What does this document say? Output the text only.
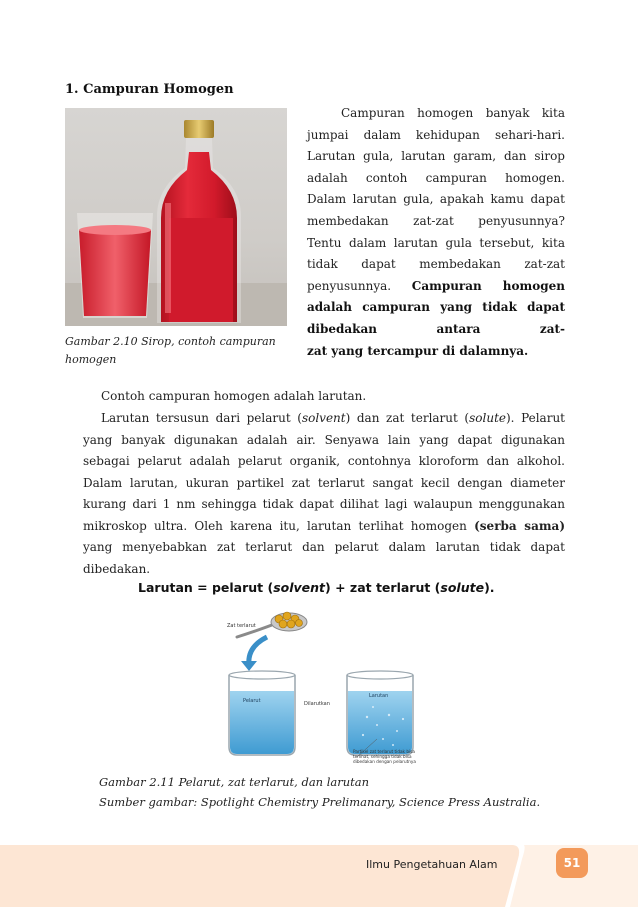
1. Campuran Homogen
Gambar 2.10 Sirop, contoh campuran
homogen
Campuran homogen banyak kita
jumpai dalam kehidupan sehari-hari.
Larutan gula, larutan garam, dan sirop
adalah contoh campuran homogen.
Dalam larutan gula, apakah kamu dapat
membedakan zat-zat penyusunnya?
Tentu dalam larutan gula tersebut, kita
tidak dapat membedakan zat-zat
penyusunnya. Campuran homogen
adalah campuran yang tidak dapat
dibedakan antara zat-
zat yang tercampur di dalamnya.
Contoh campuran homogen adalah larutan.
Larutan tersusun dari pelarut (solvent) dan zat terlarut (solute). Pelarut yang banyak digunakan adalah air. Senyawa lain yang dapat digunakan sebagai pelarut adalah pelarut organik, contohnya kloroform dan alkohol. Dalam larutan, ukuran partikel zat terlarut sangat kecil dengan diameter kurang dari 1 nm sehingga tidak dapat dilihat lagi walaupun menggunakan mikroskop ultra. Oleh karena itu, larutan terlihat homogen (serba sama) yang menyebabkan zat terlarut dan pelarut dalam larutan tidak dapat dibedakan.
Larutan = pelarut (solvent) + zat terlarut (solute).
Zat terlarut
Pelarut	Dilarutkan
Larutan
Partikel zat terlarut tidak bisa terlihat, sehingga tidak bisa dibedakan dengan pelarutnya
Gambar 2.11 Pelarut, zat terlarut, dan larutan
Sumber gambar: Spotlight Chemistry Prelimanary, Science Press Australia.
Ilmu Pengetahuan Alam	51
